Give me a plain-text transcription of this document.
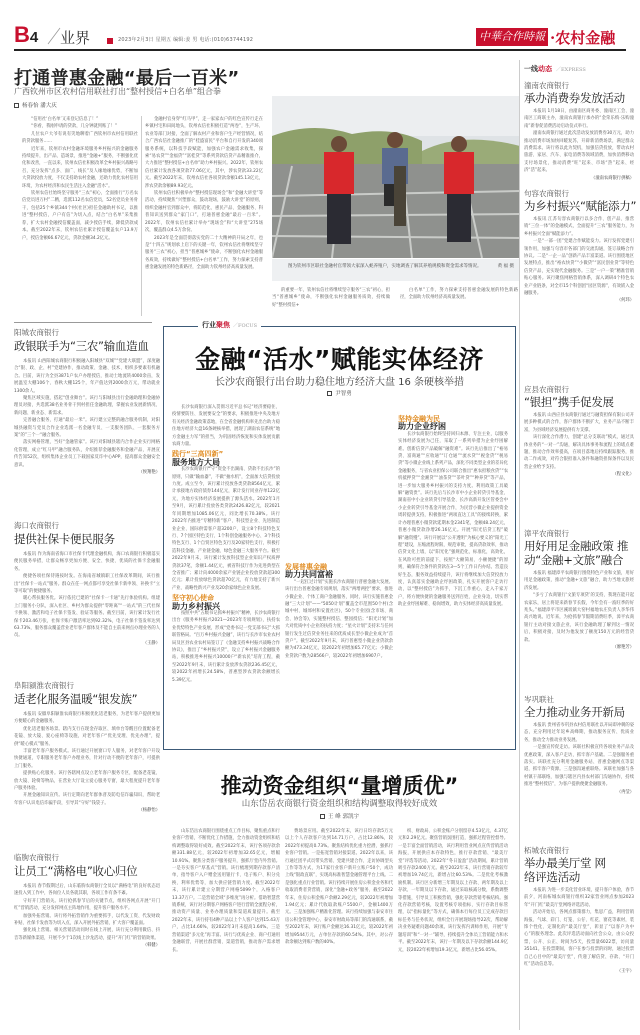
B4 业界	2023年2月3日 星期五 编辑:姜 男 电话:(010)63744192	中華合作時報 ·农村金融
打通普惠金融“最后一百米”
广西钦州市区农村信用联社打出“整村授信+白名单”组合拳
杨春怡 潘大庆

“信用社‘白名单’又来登记信息了！”

“你看，我刚申请的贷款，几分钟就到账了！”

几位农户大爷有说有笑地聊着广西钦州市农村信用联社的贷款服务……

近年来，钦州市农村金融环境服务乡村振兴的金融服务持续提升，出产品、造场景，推进“金融+”服务，不断强化优化和改善，一直以来，钦州农信社积极改革全乡村振兴战略号召，充分发挥“点多、面广、线长”及人缘地缘优势，不断加大贷款投放力度，不仅支持助农村金融，还助力优化农村信用环境，为农村经济和农民生活注入金融“活水”。

钦州农信社始终坚守服务“三农”初心，全面推行“万名农信党员进万村”二精，选派112名农信党员，52名党员业务骨干，包括25个乡镇344个村(社区)担任金融助村书记，以推进“整村授信，户户有信”为切入点，结合“白名单”采集推荐，扩大农村金融授信覆盖面，减少授信手续，降低贷款成本。截至2022年末，钦州农信社累计授信覆盖农户13.9万户，授信金额66.67亿元，贷款金额34.2亿元。

金融村官身穿“红马甲”，走一家家农户的红色宣传行走在乡镇村宅和田间地头，钦州农信社积极打造“两卷”，生产环、农业等部门对接，全面了解农村产业和客户生产经营情况，结合广西农信社金融推广的“桂盛富民”平台和自行开发的340项服务系统，以科技手段赋能，加强农户金融需求收集，探索“易农贷”“金福贷”“富桂贷”等系列贷款信贷产品精准推介，大力推进“整村授信+白名单”助力乡村振兴。2022年，钦州农信社累计发放各项贷款77.06亿元，其中，涉农贷款33.22亿元。截至2022年末，钦州农信社各项贷款余额145.13亿元，涉农贷款余额89.93亿元。

钦州农信社积极举办“整村授信现场会”和“金融大讲堂”等活动，持续聚焦“兴塑群众，鼓动现场，鼓励大讲堂”的原则，组织金融村官到群众中，将防范化、惠民产品、金融服务、科普知识送到群众“家门口”，打通普惠金融“最后一百米”。2022年，钦州农信社累计举办“现场会”和“大讲堂”275场次，覆盖群众4.5万余份。

2023年是全面贯彻落实党的二十大精神的开局之年，也是“十四五”规划承上启下的关键一年，钦州农信社将继续坚守服务“三农”初心，担当“普惠城乡”使命，不断强化农村金融服务质效，持续做好“整村授信+白名单”工作，努力探索支持普惠金融发展的特色新路径，全面助力钦州经济高质量发展。	图为钦州市区联社金融村官带领大家深入蚝养殖户，实地调查了解其养殖规模和资金需求等情况。	黄 福 摄

的重要一年，钦州农信社将继续坚守服务“三农”初心，担当“普惠城乡”使命，不断强化农村金融服务质效，持续做好“整村授信+

白名单”工作，努力探索支持普惠金融发展的特色新路径，全面助力钦州经济高质量发展。

阳城农商银行
政银联手为“三农”输血造血

本报讯 山西阳城农商银行积极融入阳城县“双城”“党建大联盟”，深度融合“银、政、企、村”党建协作，推动政策、金融、技术、组织多要素有机融合。目前，该行为全县3871户农户办理授信，推动土地流转4000余亩，发展温室大棚106个、春秋大棚125个，年产值达到2000余万元，带动就业1300余人。

聚焦区域实施，搭起“创业舞台”。该行与阳城县出行金融助理和金融协理员对接，共选派38名业务骨干到村担任金融助理，掌握农业发展新情况、新问题、新业态、新需求。

完善融合服务，打通“最后一米”。该行建立完整的融合服务机制，对阳城县融资与党员合作企业选派一名金融专员、一支服务团队、一套服务方案“的”三个一“融合服务。

落实网格管理，当好“金融管家”。该行对阳城县辖内合作企业实行网格化管理，成立“红马甲”融合服务队，介绍推荐金融服务和金融产品，开展宣传告知52次，组织集体企业员工下载国家反诈中心APP，提高群众金融安全意识。

（侯翔艳）

海口农商银行
提供社保卡便民服务

本报讯 作为海南省海口市社保卡代理金融机构，海口农商银行积极落实便民服务举措，让群众畅享更加方便、安全、快捷、优质的社保卡金融服务。

便捷各项社保待遇按时发。在海南省城镇职工社保改革期间，该行推出“社保卡一站式”服务。群众在任一网点都可享受社保卡新申领、补换卡“立等可取”的便捷服务。

暖心帮扶服务优。该行依托已建的“社保卡一卡通”先行体验机构。组建上门服务小分队，深入社区、乡村为群众提供“零距离”“一站式”的三代社保卡换领、激活和电子社保卡签发、验证等服务。截至目前，该行累计发行社保卡203.46万张，社保卡账户激活率达到92.32%，电子社保卡签发率达到63.73%，服务群众覆盖营业老年客户群体及不能自主前来网点办理业务的人员。

（王静）

阜阳颍淮农商银行
适老化服务温暖“银发族”

本报讯 安徽阜阳颍淮农商银行积极优化适老服务，为老年客户提供更加方便暖心的金融服务。

优化适老服务场景。辖内支行在现金存取区、填单台等醒目位置配备老花镜、放大镜、爱心座椅等设施，对老年客户“优先受理、优先办理”，提供“暖心模式”服务。

丰富老年客户服务模式。该行通过开展窗口专人服务，对老年客户开设快捷通道，专职服务老年客户办理业务，针对行动不便的老年客户，可提供上门服务。

提供贴心化服务。该行各辖网点设立老年客户服务专区，配备老花镜、放大镜、轮椅等物品，在营业大厅设立爱心服务专窗，最大程度提升老年客户服务体验。

开展金融知识宣传。该行定期向老年群体普及防电信诈骗知识，帮助老年客户认识电信诈骗手段，引导其“守好”钱袋子。

（杨静怡）

临朐农商银行
让员工“满格电”收心归位

本报讯 春节假期过后，山东临朐农商银行全员以“满格电”的良好状态迅速投入到工作中，各岗位人员各就其职，各项工作有条不紊。

守好开门营销关。该行抢抓春节后的关键节点，组织各网点开展“开门红”营销活动，充分发挥网点主阵地作用，提升客户服务水平。

加强外拓营销。该行将外拓营销作为重要抓手，以代发工资、代发财政补贴、社保卡发放等为切入点，深入开展外拓营销，扩大客户覆盖面。

强化线上营销。相关营销活动同时在线上开展，该行充分利用微信、抖音等新媒体渠道，开展不少于1次线上沙龙活动，提升“开门红”的营销效果。

（韩健）

行业聚焦 ／FOCUS
金融“活水”赋能实体经济
长沙农商银行出台助力稳住地方经济大盘 16 条硬核举措
尹智勇

长沙农商银行深入贯彻习近平总书记“经济要稳住、疫情要防住、发展要安全”的要求，积极推进中央及地方有关经济金融政策落地，在全省金融机构率先出台助力稳住地方经济大盘16条硬核举措，展现了湖南农信系统“地方金融主力军”的担当，为巩固经济恢复和实体发展贡献农商力量。

践行“三高四新”
服务地方大局

长沙农商银行严守“资金不出湖南、贷款不出长沙”的原则，只做“输血器”，不做“抽水机”，全面加大信贷投放力度。成立至今，该行累计投放各类贷款8564亿元，累计承接地方政府债券144亿元，累计发行同业存单122亿元，为地方实体经济发展提供了源头活水。2022年1月至9月，该行累计投放各类贷款2426.82亿元，较2021年同期增加1085.06亿元，同比增长70.38%。该行2022年内推进“专精特新”客户、科技型企业、先进制造业企业、国际供需客户超3200户，设立8个科技特色支行、7个园区特色支行、1个科创金融服务中心、3个科技特色支行、1个自贸区特色支行及20家特色支行，积极打造科技金融、产业链金融、绿色金融三大服务平台。截至2022年9月末，该行累计发放科技型企业知识产权质押贷款37笔，余额1.44亿元，被省科技厅作为先进典型在全省推广；累计向4000余家产业链企业投放贷款超300亿元；累计投放绿色贷款超70亿元，有力地支持了新兴产业、战略性新兴产业及20余家绿色企业发展。

坚守初心使命
助力乡村振兴

按照中共“五级书记抓乡村振兴”精神，长沙农商银行出台《服务乡村振兴2021—2023年专项规划》，扶持农业优势特色产业发展，形成“党委书记一党支部书记”大抓联管格局。“百万乡村振兴金融”，该行与长沙市农业农村局及区县农业农村局签订了《金融支持乡村振兴战略合作协议》，推出了“乡村振兴贷”，设立了乡村振兴金融服务站，积极推进乡村振兴10000户“新农民”培育工程，截至2022年9月末，该行累计发放涉农贷款236.45亿元，较2022年初增长24.58%，普惠型涉农贷款余额增长5.39亿元。

发展普惠金融
助力共同富裕

“一起扛过计划”实施长沙农商银行普惠金融大发展。该行出台普惠金融专项规划，落实“两增两控”要求，推进小微企业、个体工商户金融服务，同时，该行实施普惠金融“三大计划”——“5050计划”覆盖全市范围50个村(含城中村、城郊村和安置社区)，50个专业园(含市场、商会、协会等)，实施整村授信、整园授信；“阳光计划”加大对优质中小企业的扶持力度；“星火计划”支持未与任何银行发生过信贷业务往来的优质成长型小微企业成为“首贷户”。截至2022年9月末，该行普惠型小微企业贷款余额为473.24亿元，较2022年初增加65.77亿元；小微企业贷款户数为28566户，较2022年初增加6907户。

坚持金融为民
助力企业纾困

长沙农商银行始终坚持回归本源、专注主业，以服务实体经济发展为己任，采取了一系列举措为企业纾困解难。创新信贷产品破解“融资难”。该行先后推出了“裕易贷、富商通”“应收通”“订仓通”“流水贷”“税金贷”“税易贷”等小微企业线上系列产品，深化不同类型企业的差异化金融服务，与省农业担保公司联合推出“惠农担粮食贷”“农机抵押贷”“金湘贷”“油茶贷”“茶叶贷”“种养贷”等产品，进一步加大服务乡村振兴的支持力度。利用政策工具破解“融资贵”。该行先后与长沙市中小企业转贷引导基金、湖南省中小企业转贷引导基金、长沙高新开发区管委会中小企业转贷引导基金开展合作，为民营小微企业提供资金周转提供支持，积极推进“两项直达工具”的接续转换，累计办理普惠小微贷款延期本金2341笔，金额48.24亿元，普惠小微贷款净增26.16亿元。开展“阳光信贷工程”破解“融资慢”。该行开展以“公开透明”为核心要义的“阳光工程”建设，压缩流程时限，规范审批，提高贷款效率，推动信贷文化上墙，以“阳光化”强规范化，标准化，高效化，在风险可控的前提下，按照“大额简易、小额便捷”的原则，确保符合条件的贷款在3—5个工作日内办结。营造良好生态，服务效益持续提升，该行将继续加大信贷投放力度，认真落实金融助企纾困政策，扎实开展客户走访行动，以“整村授信”为抓手，下沉工作重心，走入千家万户，将方便快捷的金融服务送到百姓、企业身边，切实帮助企业纾困解难、稳岗增效，助力实体经济高质量发展。

推动资金组织“量增质优”
山东岱岳农商银行资金组织和结构调整取得较好成效
王 峰 郭凯宇

山东岱岳农商银行围绕重点工作目标，聚焦重点和行业客户营销，不断优化工作措施，全力推动资金组织和结构调整取得较好成效。截至2022年末，该行各项存款余额331.88亿元，较2022年初增加32.65亿元，增幅10.91%。聚焦分类客户服务提升，强抓厅堂内外营销。一是夯实客户“厚基式”营销。该行梳理到期存款客户清单，指导客户入户赠金送用银行卡、电子账户、积分兑换、利率优势等，加大供应链营销力度。截至2022年末，该行累计建立分期营户网格5099个，入格客户13.37万户。二是营销全域“多维度”再分析。借助智慧营销系统，该行对分期客户网格客户进行营销全流程分析，推动资产质量、业务办理质量和渠道质量提升。截至2022年末，该行持有4种产品以上个人客户达到15.43万户，占比14.66%，较2022年3月末提高1.64%。三是营销渠道“多元化”再丰富。该行与优质企业、商户打通用金融联营，开展社群营销、渠道营销，推动客户需求增长。

费场景应用。截至2022年末，该行日均存款5万元以上个人存款客户达到14.71万户，占比12.86%，较2022年初提高0.73%。聚焦结构优化重力挖潜，强抓行业客户营销。一是拓宽营销对接渠道。2022年以来，该行通过团平式员带头营销、党建共建合作、走访协调型关工作等等方式，为17家行业客户新开立账户50个，成功上线“银政直联”，实现高标准智慧金融管理平台上线。二是强化重点行业营销。该行持续开展住房公积金业务和代收取消费者贷营销，深化“金融+政务”服务，截至2022年末，住房公积金账户余额2.29亿元，较2022年初增加1.94亿元；累计代收取款账户5500户，金额1400万元。三是加强账户精准化管理。该行持续加强与泰安市住房公积金管理中心、泰安市财政局等部门的沟通联系，截至2022年末，该行账户金额达16.31亿元，较2022年初增加9544万元，占单位存款的60.54%。其中，对公存款余额达到账户数的40%。

织、财政局、公积金账户分别留存4.53亿元、4.37亿元和2.29亿元。聚焦营销氛围打造，强抓过程管控督导。一是丰富全面营销活动，该行利用营业网点宣传营销活动海报，开展供应本存款特色，推行存款营销、“最美厅堂”评选等活动。2022年“冬日盈盈”活动期间，累计营销吸引存款2400万元。截至2022年末，该行营销存款较年初增加19.74亿元，新增占比60.53%。二是优化考核激励机制。该行区分新增三年期及以上存款、两年期及以上存款、一年期及以下存款，通过采取核减分数，系数调整等措施，引导员工积极营销，强化存款营销考核结构。强化存款营销考核，设置考核专项指标，实行存款目标管理，以“指标量化”等方式，确保本行每位员工完成存款目标任务与任务状况，组织全行开展现场指导22次，帮助解决业务疑难问题40余项。该行发挥内训师作用，开展“专题培训”和“一对一”辅导，持续提升全体员工营销能力和水平。截至2022年末，该行一年期及以下存款余额144.9亿元，较2022年初增加19.3亿元，新增占比56.05%。

一线动态 ／EXPRESS
潼南农商银行
承办消费券发放活动

本报讯 1月18日，由潼南区商务委、潼南区工会、潼南区工商联主办，潼南农商银行承办的“金荣乐购·乐购潼南”新春促消费活动启动仪式举行。

潼南农商银行通过此次活动发放消费券30万元，助力推动消费市场加快回暖复苏，开辟新消费场景，满足群众消费需求。该行将以此为契机，加强信贷投放，带动农村旅游、家居、汽车、家电消费等领域消费，加快消费移动支付场景化，推动消费“旺”起来、市场“热”起来、经济“活”起来。

（潼南农商银行供稿）

句容农商银行
为乡村振兴“赋能添力”

本报讯 江苏句容农商银行以多合作、创产品、推营销“三位一体”的金融模式，全面提升“三农”服务能力，为乡村振兴全面“赋能添力”。

一是“一部一团”党建合作赋能发力。该行发挥党建引领作用，加强与句容市各部门的交流沟通，签订战略合作协议。二是“一企一品”创新产品丰富渠道。该行围绕地区发展特点，推出“裕农快贷”“小微贷”“富民创业贷”等特色信贷产品，充实现代金融服务。三是“一户一策”精准营销贴心服务。该行聚焦网格营销体系，深入调研4个特色农业产业链条，对全市15个科创团“园区资源”，有效嵌入金融服务。

（何玮）

应县农商银行
“银担”携手促发展

本报讯 山西应县农商银行通过与融资担保有限公司开展多种模式的合作，客户群体不断扩大，业务产品不断丰富，为县域经济发展提供有力支撑。

该行深化合作潜力，创建“总分支联动”模式，通过具体业务的“一对一”沟通，解决具体事务和流程上的堵点难题，推动合作效率提高，在项目落地后持续跟踪服务，推动二作成效，对符合银担准入条件和融资担保条件以及民营企业给予支持。

（程文化）

漳平农商银行
用好用足金融政策 推动“金融+文旅”融合

本报讯 福建漳平农商银行围绕特色产业和文旅，用好用足金融政策，推动“金融+文旅”融合，助力当地文旅经济发展。

“多亏了农商银行‘文旅专项贷’的支持，我现在能开起农家乐，居上将迎来新春节长假，今年会有一波旺季的好兆头。”福建漳平市区溪坂镇大窑村福地农庄负责人李华伟高兴地说。近年来，为抢抓春节假期消费旺季，漳平农商银行主动对接文旅企业，该行金融助理了解到这一情况后，积极对接，及时为他发放了额度150万元的经营贷款。

（廖艳芳）

岑巩联社
全力推动业务开新局

本报讯 贵州省岑巩县农村信用联社以开局即冲刺的姿态，充分利用过年返乡高峰期，推动服务宣传、优质业务，推动全力推动业务发展。

一是强宣传促走访。该联社积极宣传各项业务产品及优惠政策，深入客户走访，抓牢客户基础。二是强服务重落实。该联社充分利用金融服务站、普惠金融网点等渠道，抓牢客户资源。三是强沟通重联络。该联社加强与各村镇干部联络，加强与辖区内县农村部门沟通协作，持续推进“整村授信”，为客户提供便捷金融服务。

（冉莹）

柘城农商银行
举办最美厅堂 网络评选活动

本报讯 为进一步美化营业环境，提升客户体验，春节前夕，河南柘城农商银行组织32家营业网点参加2023年“开门红”最美厅堂网络评选活动。

活动开始后，各网点群策群力，集思广益，利用营销海报、气球、彩门、灯笼、公仔、红花、窗花等素材，装饰个性化、定制化的“最美厅堂”，彰显了“以客户为中心”的服务理念。此次评选活动面向社会公众，由公众投票，公开、公正、时间为5天，投票量6022票，访问量35141。在投票期间，客户在参与投票的同时，通过投票自己心目中的“最美厅堂”，传递了解信贷、存款、“开门红”活动信息等。

（王宇）
